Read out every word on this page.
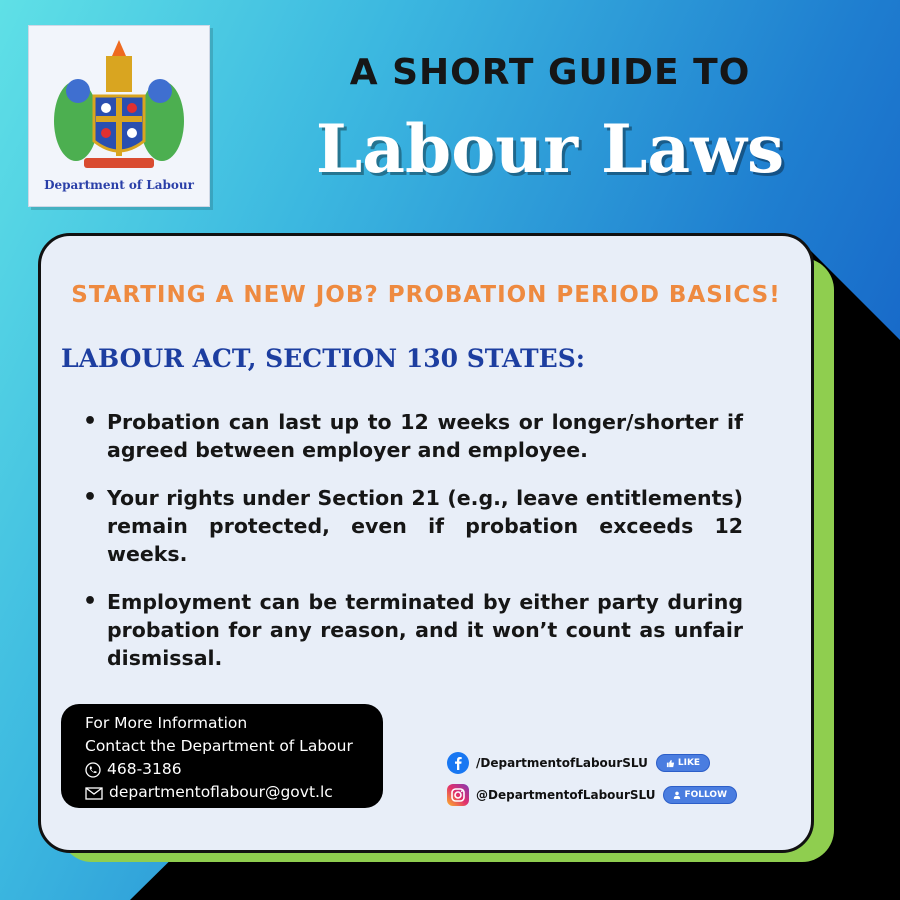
Department of Labour
A SHORT GUIDE TO
Labour Laws
STARTING A NEW JOB? PROBATION PERIOD BASICS!
LABOUR ACT, SECTION 130 STATES:
• Probation can last up to 12 weeks or longer/shorter if agreed between employer and employee.
• Your rights under Section 21 (e.g., leave entitlements) remain protected, even if probation exceeds 12 weeks.
• Employment can be terminated by either party during probation for any reason, and it won’t count as unfair dismissal.
For More Information
Contact the Department of Labour
468-3186
departmentoflabour@govt.lc
/DepartmentofLabourSLU	LIKE
@DepartmentofLabourSLU	FOLLOW
